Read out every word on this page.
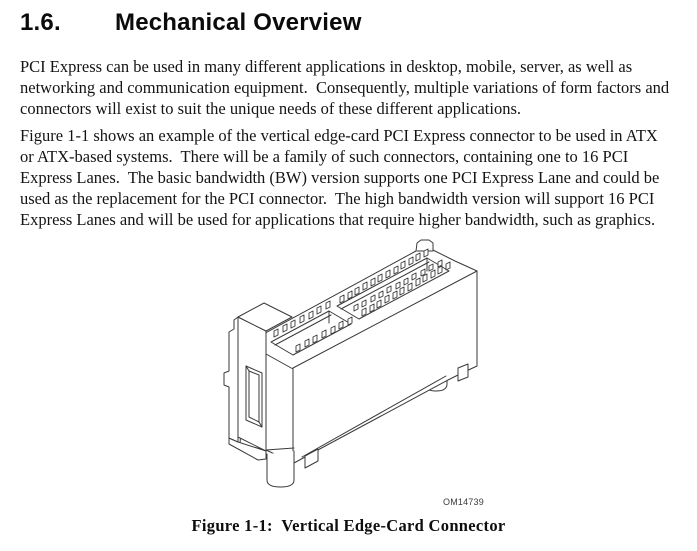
1.6.	Mechanical Overview
PCI Express can be used in many different applications in desktop, mobile, server, as well as networking and communication equipment.  Consequently, multiple variations of form factors and connectors will exist to suit the unique needs of these different applications.
Figure 1-1 shows an example of the vertical edge-card PCI Express connector to be used in ATX or ATX-based systems.  There will be a family of such connectors, containing one to 16 PCI Express Lanes.  The basic bandwidth (BW) version supports one PCI Express Lane and could be used as the replacement for the PCI connector.  The high bandwidth version will support 16 PCI Express Lanes and will be used for applications that require higher bandwidth, such as graphics.
OM14739
Figure 1-1:  Vertical Edge-Card Connector
